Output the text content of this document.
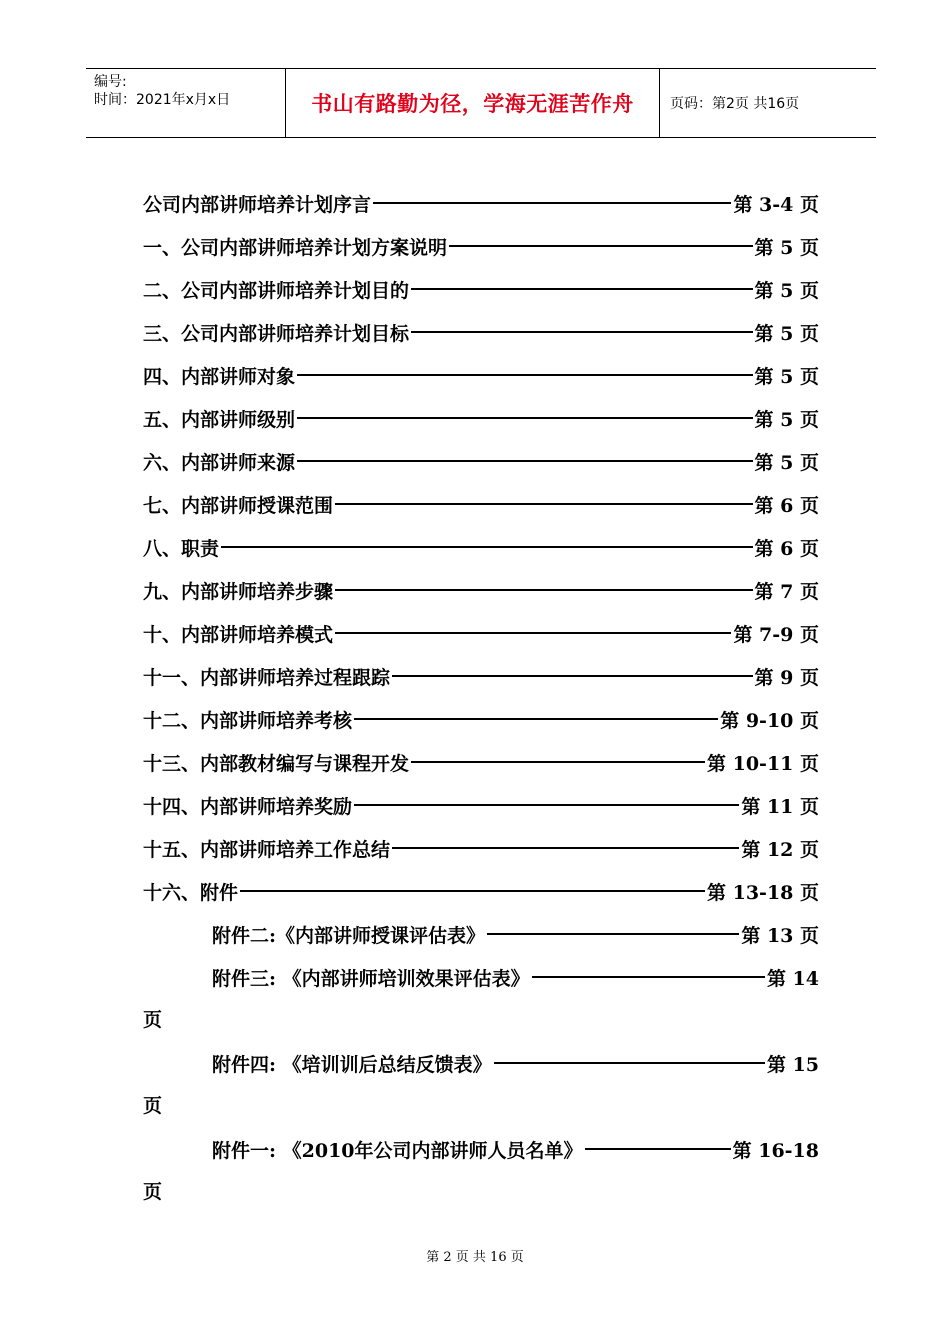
编号:
时间：2021年x月x日	书山有路勤为径，学海无涯苦作舟	页码：第2页 共16页
公司内部讲师培养计划序言	第 3-4 页
一、公司内部讲师培养计划方案说明	第 5 页
二、公司内部讲师培养计划目的	第 5 页
三、公司内部讲师培养计划目标	第 5 页
四、内部讲师对象	第 5 页
五、内部讲师级别	第 5 页
六、内部讲师来源	第 5 页
七、内部讲师授课范围	第 6 页
八、职责	第 6 页
九、内部讲师培养步骤	第 7 页
十、内部讲师培养模式	第 7-9 页
十一、内部讲师培养过程跟踪	第 9 页
十二、内部讲师培养考核	第 9-10 页
十三、内部教材编写与课程开发	第 10-11 页
十四、内部讲师培养奖励	第 11 页
十五、内部讲师培养工作总结	第 12 页
十六、附件	第 13-18 页
附件二:《内部讲师授课评估表》	第 13 页
附件三: 《内部讲师培训效果评估表》	第 14
页
附件四: 《培训训后总结反馈表》	第 15
页
附件一: 《2010年公司内部讲师人员名单》	第 16-18
页
第 2 页 共 16 页
